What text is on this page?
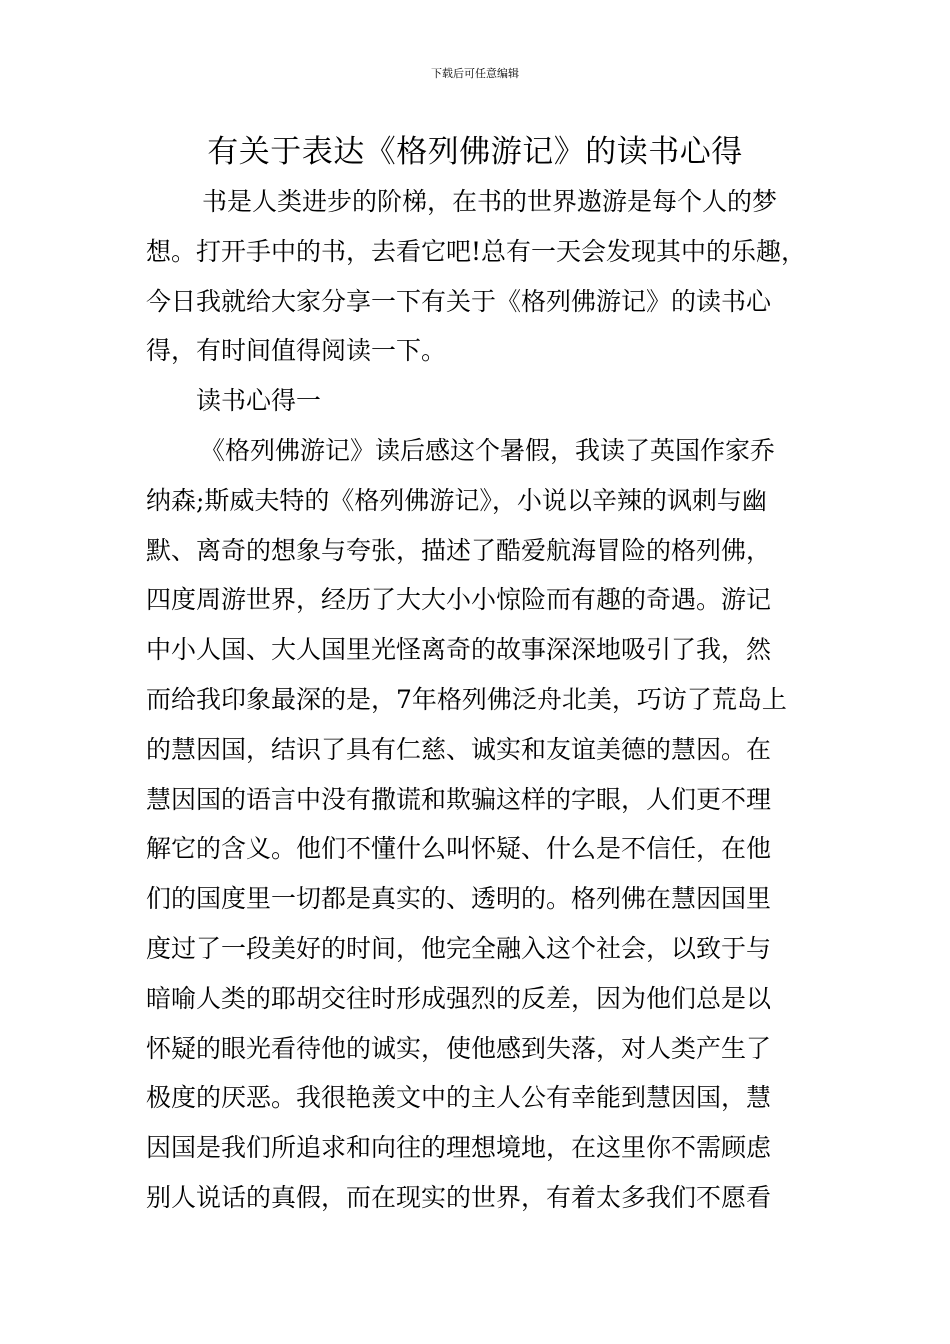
下载后可任意编辑
有关于表达《格列佛游记》的读书心得
书是人类进步的阶梯，在书的世界遨游是每个人的梦
想。打开手中的书，去看它吧!总有一天会发现其中的乐趣，
今日我就给大家分享一下有关于《格列佛游记》的读书心
得，有时间值得阅读一下。
读书心得一
《格列佛游记》读后感这个暑假，我读了英国作家乔
纳森;斯威夫特的《格列佛游记》，小说以辛辣的讽刺与幽
默、离奇的想象与夸张，描述了酷爱航海冒险的格列佛，
四度周游世界，经历了大大小小惊险而有趣的奇遇。游记
中小人国、大人国里光怪离奇的故事深深地吸引了我，然
而给我印象最深的是，7年格列佛泛舟北美，巧访了荒岛上
的慧因国，结识了具有仁慈、诚实和友谊美德的慧因。在
慧因国的语言中没有撒谎和欺骗这样的字眼，人们更不理
解它的含义。他们不懂什么叫怀疑、什么是不信任，在他
们的国度里一切都是真实的、透明的。格列佛在慧因国里
度过了一段美好的时间，他完全融入这个社会，以致于与
暗喻人类的耶胡交往时形成强烈的反差，因为他们总是以
怀疑的眼光看待他的诚实，使他感到失落，对人类产生了
极度的厌恶。我很艳羡文中的主人公有幸能到慧因国，慧
因国是我们所追求和向往的理想境地，在这里你不需顾虑
别人说话的真假，而在现实的世界，有着太多我们不愿看
